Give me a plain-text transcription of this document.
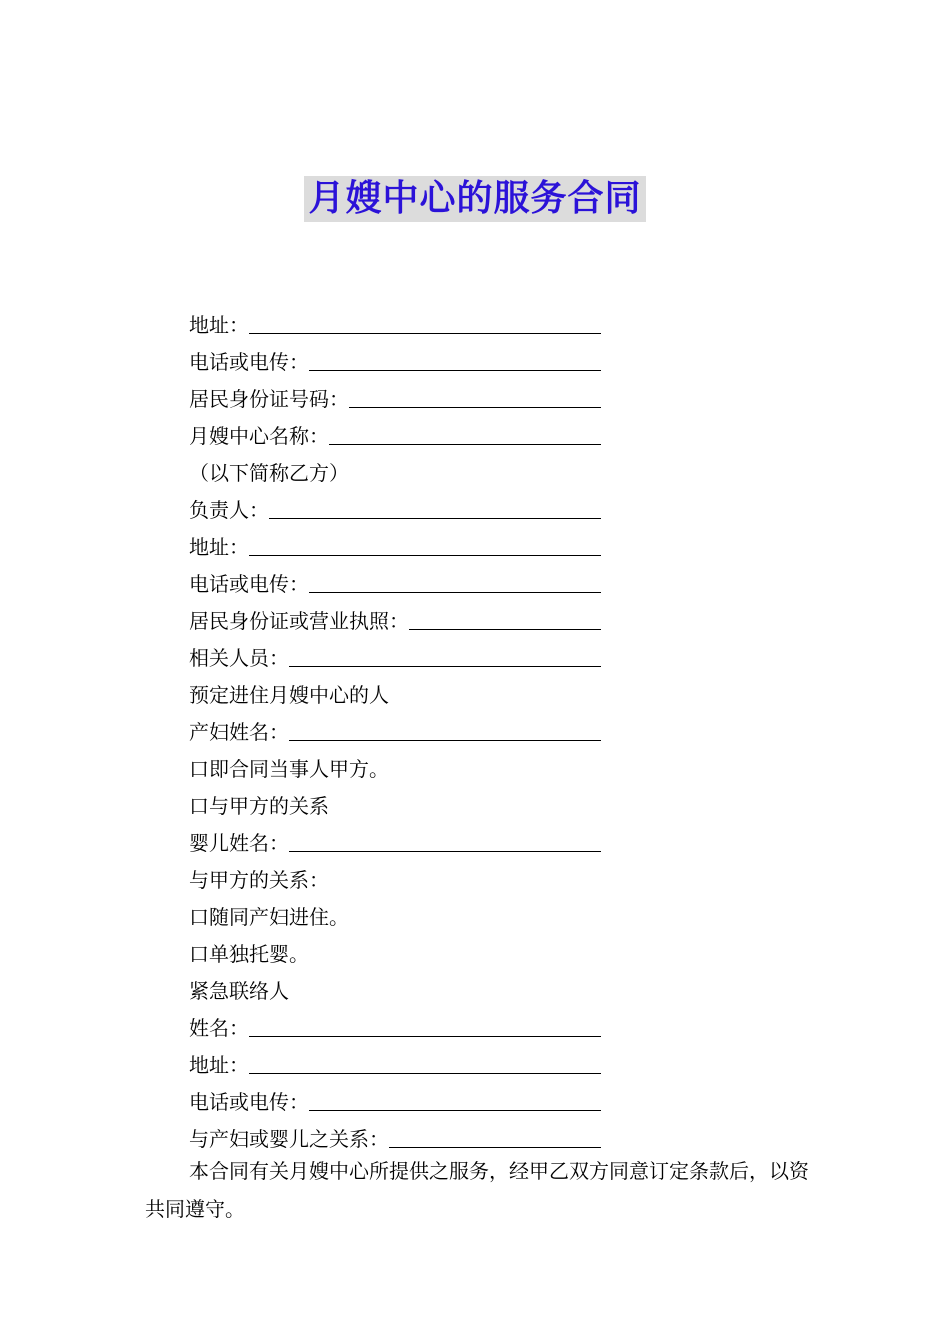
月嫂中心的服务合同
地址：
电话或电传：
居民身份证号码：
月嫂中心名称：
（以下简称乙方）
负责人：
地址：
电话或电传：
居民身份证或营业执照：
相关人员：
预定进住月嫂中心的人
产妇姓名：
口即合同当事人甲方。
口与甲方的关系
婴儿姓名：
与甲方的关系：
口随同产妇进住。
口单独托婴。
紧急联络人
姓名：
地址：
电话或电传：
与产妇或婴儿之关系：
本合同有关月嫂中心所提供之服务，经甲乙双方同意订定条款后，以资共同遵守。
